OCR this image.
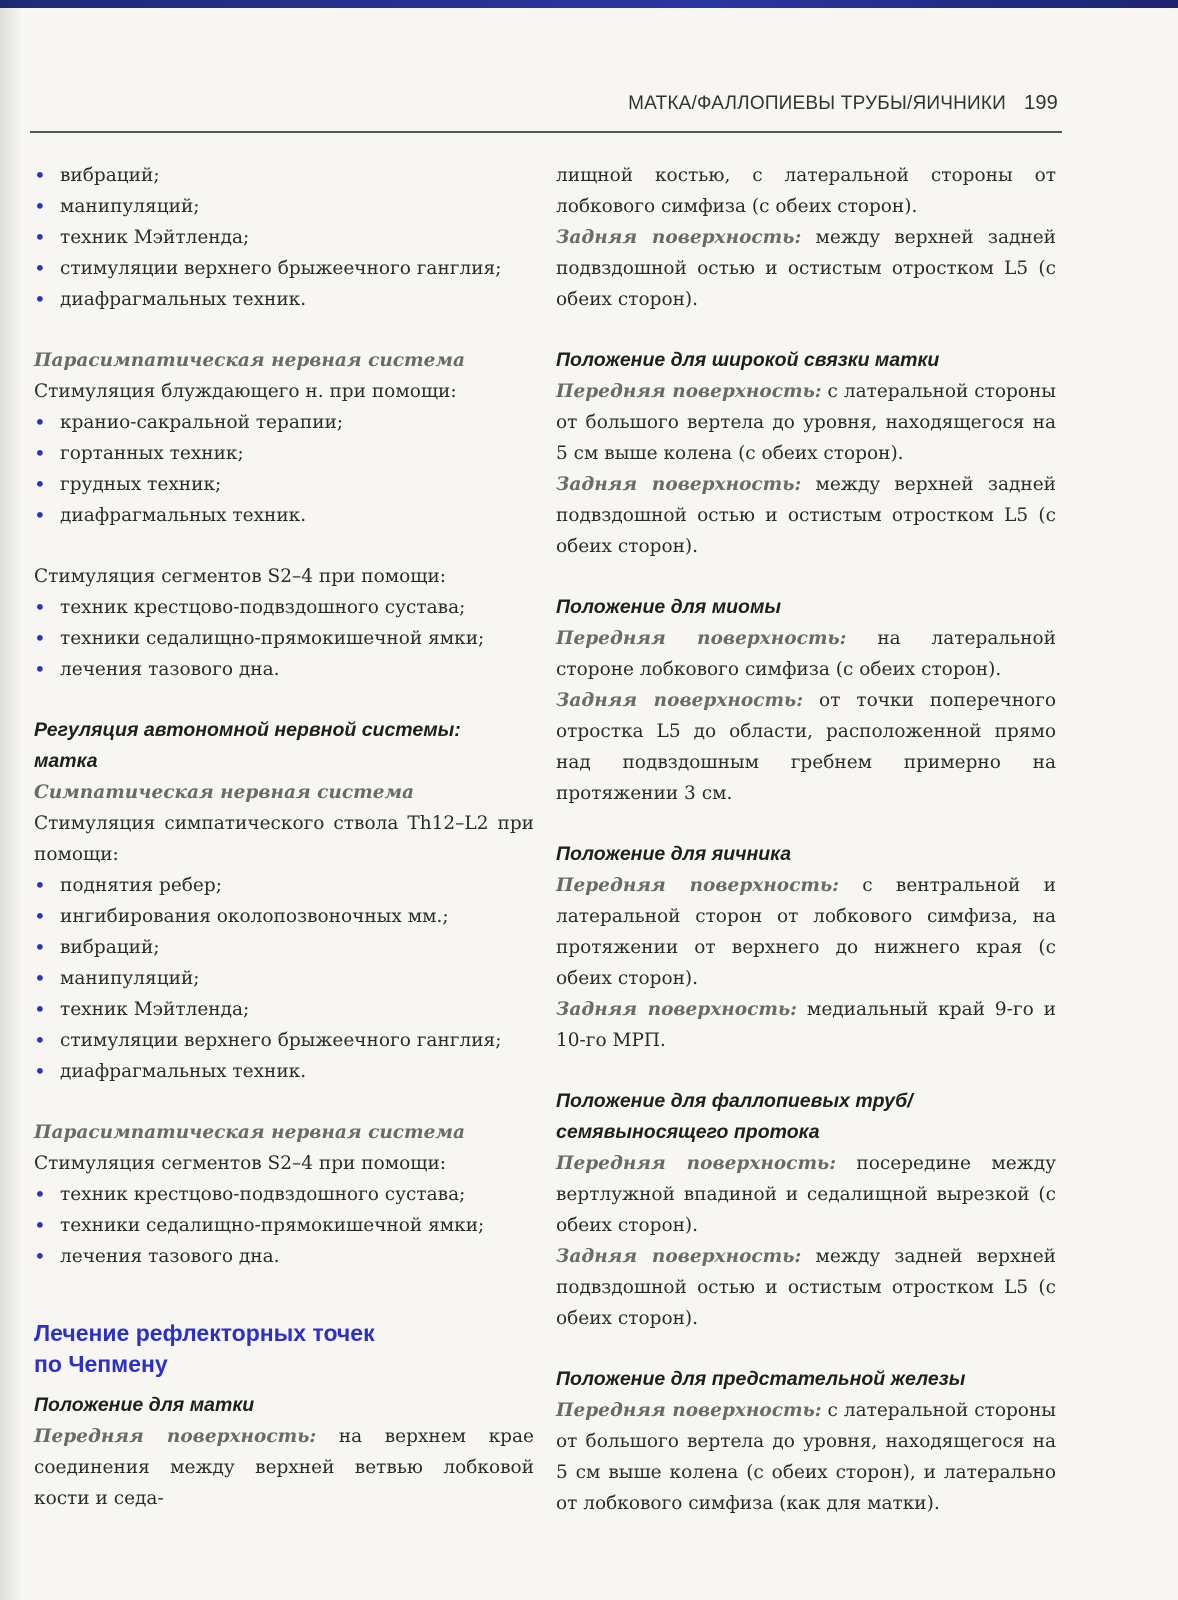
МАТКА/ФАЛЛОПИЕВЫ ТРУБЫ/ЯИЧНИКИ 199
• вибраций;
• манипуляций;
• техник Мэйтленда;
• стимуляции верхнего брыжеечного ганглия;
• диафрагмальных техник.
Парасимпатическая нервная система

Стимуляция блуждающего н. при помощи:

• кранио-сакральной терапии;
• гортанных техник;
• грудных техник;
• диафрагмальных техник.

Стимуляция сегментов S2–4 при помощи:

• техник крестцово-подвздошного сустава;
• техники седалищно-прямокишечной ямки;
• лечения тазового дна.
Регуляция автономной нервной системы:
матка
Симпатическая нервная система

Стимуляция симпатического ствола Th12–L2 при помощи:

• поднятия ребер;
• ингибирования околопозвоночных мм.;
• вибраций;
• манипуляций;
• техник Мэйтленда;
• стимуляции верхнего брыжеечного ганглия;
• диафрагмальных техник.
Парасимпатическая нервная система

Стимуляция сегментов S2–4 при помощи:

• техник крестцово-подвздошного сустава;
• техники седалищно-прямокишечной ямки;
• лечения тазового дна.
Лечение рефлекторных точек
по Чепмену
Положение для матки

Передняя поверхность: на верхнем крае соединения между верхней ветвью лобковой кости и седа-

лищной костью, с латеральной стороны от лобкового симфиза (с обеих сторон).

Задняя поверхность: между верхней задней подвздошной остью и остистым отростком L5 (с обеих сторон).

Положение для широкой связки матки

Передняя поверхность: с латеральной стороны от большого вертела до уровня, находящегося на 5 см выше колена (с обеих сторон).

Задняя поверхность: между верхней задней подвздошной остью и остистым отростком L5 (с обеих сторон).

Положение для миомы

Передняя поверхность: на латеральной стороне лобкового симфиза (с обеих сторон).

Задняя поверхность: от точки поперечного отростка L5 до области, расположенной прямо над подвздошным гребнем примерно на протяжении 3 см.

Положение для яичника

Передняя поверхность: с вентральной и латеральной сторон от лобкового симфиза, на протяжении от верхнего до нижнего края (с обеих сторон).

Задняя поверхность: медиальный край 9-го и 10-го МРП.

Положение для фаллопиевых труб/ семявыносящего протока

Передняя поверхность: посередине между вертлужной впадиной и седалищной вырезкой (с обеих сторон).

Задняя поверхность: между задней верхней подвздошной остью и остистым отростком L5 (с обеих сторон).

Положение для предстательной железы

Передняя поверхность: с латеральной стороны от большого вертела до уровня, находящегося на 5 см выше колена (с обеих сторон), и латерально от лобкового симфиза (как для матки).
